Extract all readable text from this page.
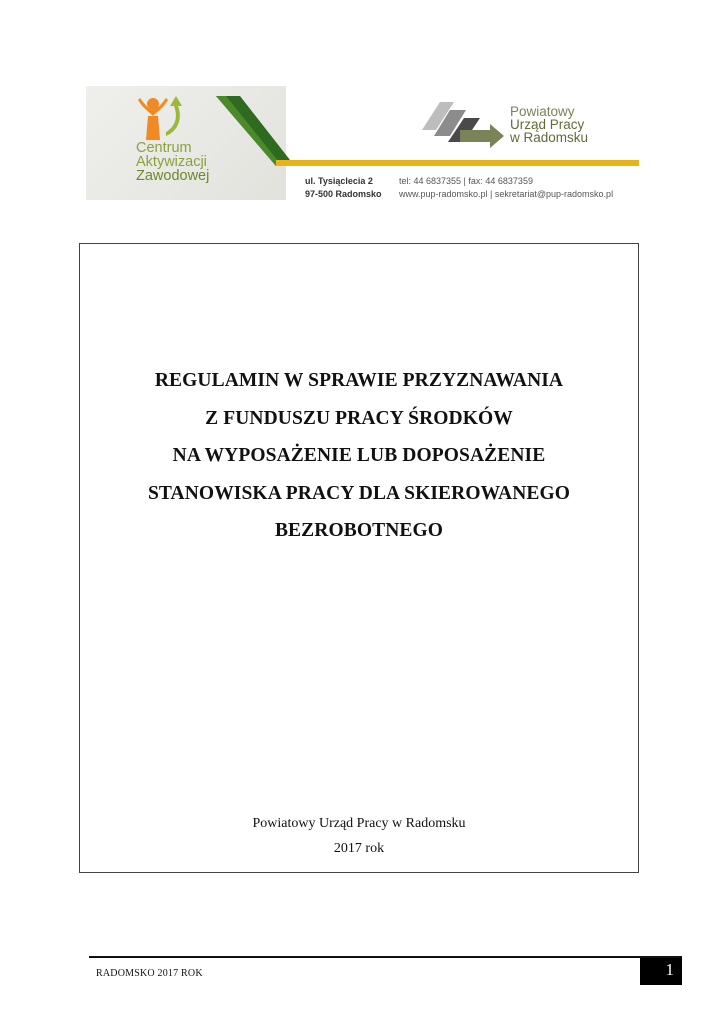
Centrum
Aktywizacji
Zawodowej
Powiatowy
Urząd Pracy
w Radomsku
ul. Tysiąclecia 2
97-500 Radomsko
tel: 44 6837355 | fax: 44 6837359
www.pup-radomsko.pl | sekretariat@pup-radomsko.pl
REGULAMIN W SPRAWIE PRZYZNAWANIA
Z FUNDUSZU PRACY ŚRODKÓW
NA WYPOSAŻENIE LUB DOPOSAŻENIE
STANOWISKA PRACY DLA SKIEROWANEGO
BEZROBOTNEGO
Powiatowy Urząd Pracy w Radomsku
2017 rok
RADOMSKO 2017 ROK	1
